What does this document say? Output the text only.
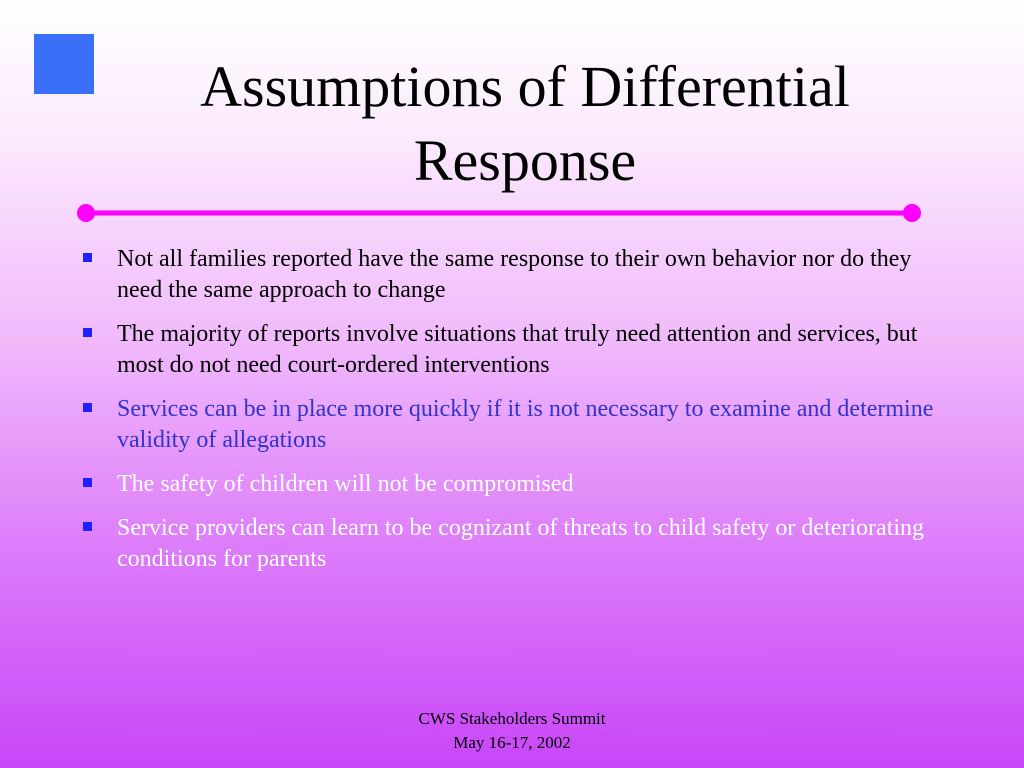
Assumptions of Differential
Response
Not all families reported have the same response to their own behavior nor do they need the same approach to change
The majority of reports involve situations that truly need attention and services, but most do not need court-ordered interventions
Services can be in place more quickly if it is not necessary to examine and determine validity of allegations
The safety of children will not be compromised
Service providers can learn to be cognizant of threats to child safety or deteriorating conditions for parents
CWS Stakeholders Summit
May 16-17, 2002
